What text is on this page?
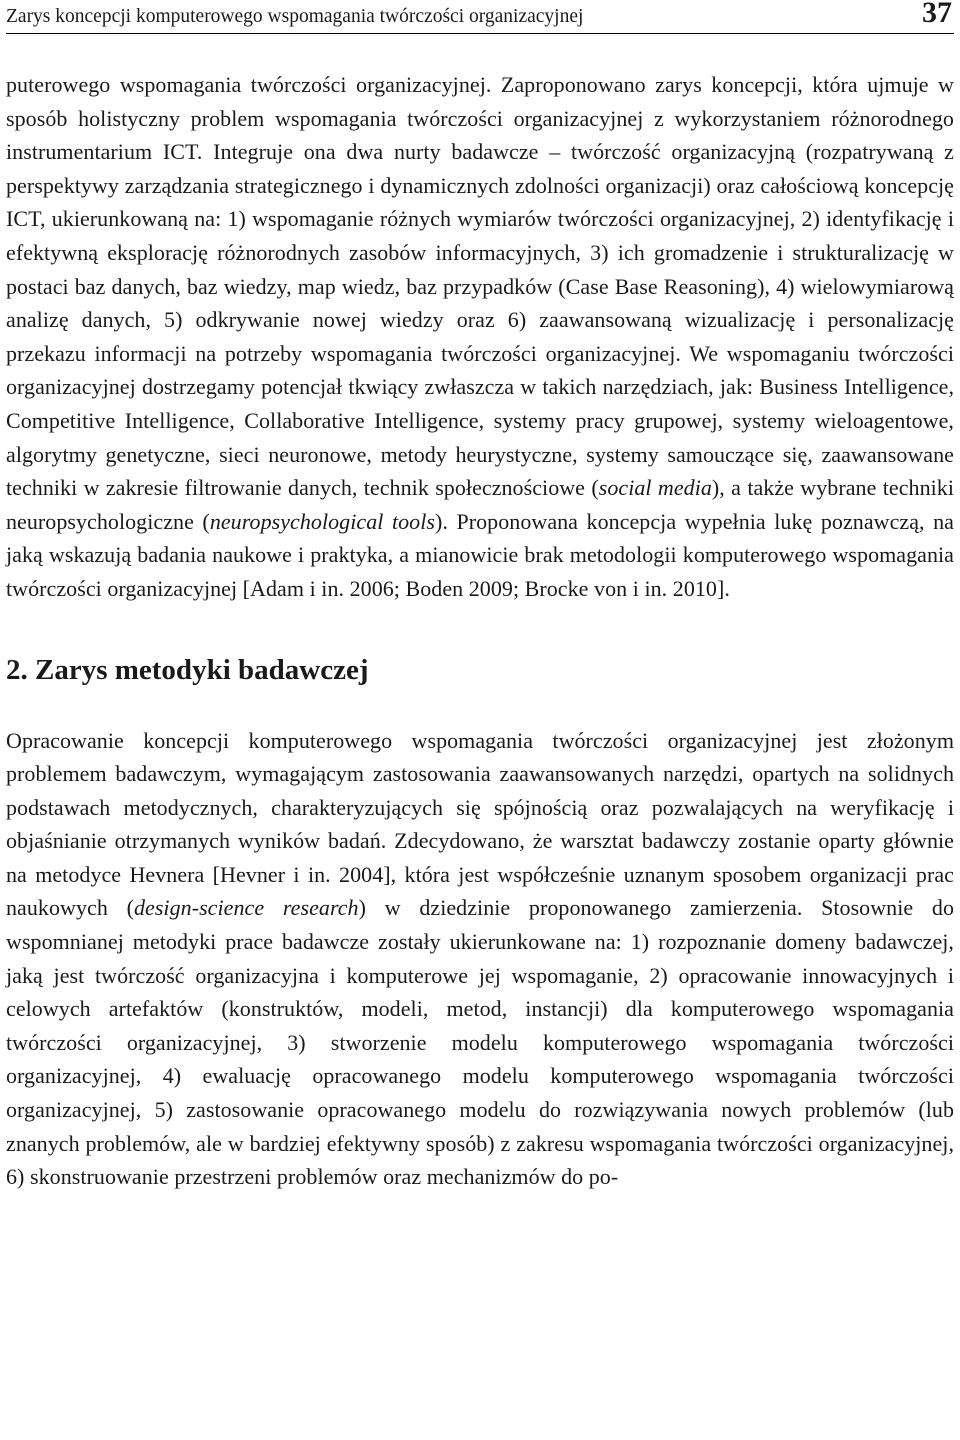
Zarys koncepcji komputerowego wspomagania twórczości organizacyjnej	37

puterowego wspomagania twórczości organizacyjnej. Zaproponowano zarys koncepcji, która ujmuje w sposób holistyczny problem wspomagania twórczości organizacyjnej z wykorzystaniem różnorodnego instrumentarium ICT. Integruje ona dwa nurty badawcze – twórczość organizacyjną (rozpatrywaną z perspektywy zarządzania strategicznego i dynamicznych zdolności organizacji) oraz całościową koncepcję ICT, ukierunkowaną na: 1) wspomaganie różnych wymiarów twórczości organizacyjnej, 2) identyfikację i efektywną eksplorację różnorodnych zasobów informacyjnych, 3) ich gromadzenie i strukturalizację w postaci baz danych, baz wiedzy, map wiedz, baz przypadków (Case Base Reasoning), 4) wielowymiarową analizę danych, 5) odkrywanie nowej wiedzy oraz 6) zaawansowaną wizualizację i personalizację przekazu informacji na potrzeby wspomagania twórczości organizacyjnej. We wspomaganiu twórczości organizacyjnej dostrzegamy potencjał tkwiący zwłaszcza w takich narzędziach, jak: Business Intelligence, Competitive Intelligence, Collaborative Intelligence, systemy pracy grupowej, systemy wieloagentowe, algorytmy genetyczne, sieci neuronowe, metody heurystyczne, systemy samouczące się, zaawansowane techniki w zakresie filtrowanie danych, technik społecznościowe (social media), a także wybrane techniki neuropsychologiczne (neuropsychological tools). Proponowana koncepcja wypełnia lukę poznawczą, na jaką wskazują badania naukowe i praktyka, a mianowicie brak metodologii komputerowego wspomagania twórczości organizacyjnej [Adam i in. 2006; Boden 2009; Brocke von i in. 2010].

2. Zarys metodyki badawczej

Opracowanie koncepcji komputerowego wspomagania twórczości organizacyjnej jest złożonym problemem badawczym, wymagającym zastosowania zaawansowanych narzędzi, opartych na solidnych podstawach metodycznych, charakteryzujących się spójnością oraz pozwalających na weryfikację i objaśnianie otrzymanych wyników badań. Zdecydowano, że warsztat badawczy zostanie oparty głównie na metodyce Hevnera [Hevner i in. 2004], która jest współcześnie uznanym sposobem organizacji prac naukowych (design-science research) w dziedzinie proponowanego zamierzenia. Stosownie do wspomnianej metodyki prace badawcze zostały ukierunkowane na: 1) rozpoznanie domeny badawczej, jaką jest twórczość organizacyjna i komputerowe jej wspomaganie, 2) opracowanie innowacyjnych i celowych artefaktów (konstruktów, modeli, metod, instancji) dla komputerowego wspomagania twórczości organizacyjnej, 3) stworzenie modelu komputerowego wspomagania twórczości organizacyjnej, 4) ewaluację opracowanego modelu komputerowego wspomagania twórczości organizacyjnej, 5) zastosowanie opracowanego modelu do rozwiązywania nowych problemów (lub znanych problemów, ale w bardziej efektywny sposób) z zakresu wspomagania twórczości organizacyjnej, 6) skonstruowanie przestrzeni problemów oraz mechanizmów do po-
